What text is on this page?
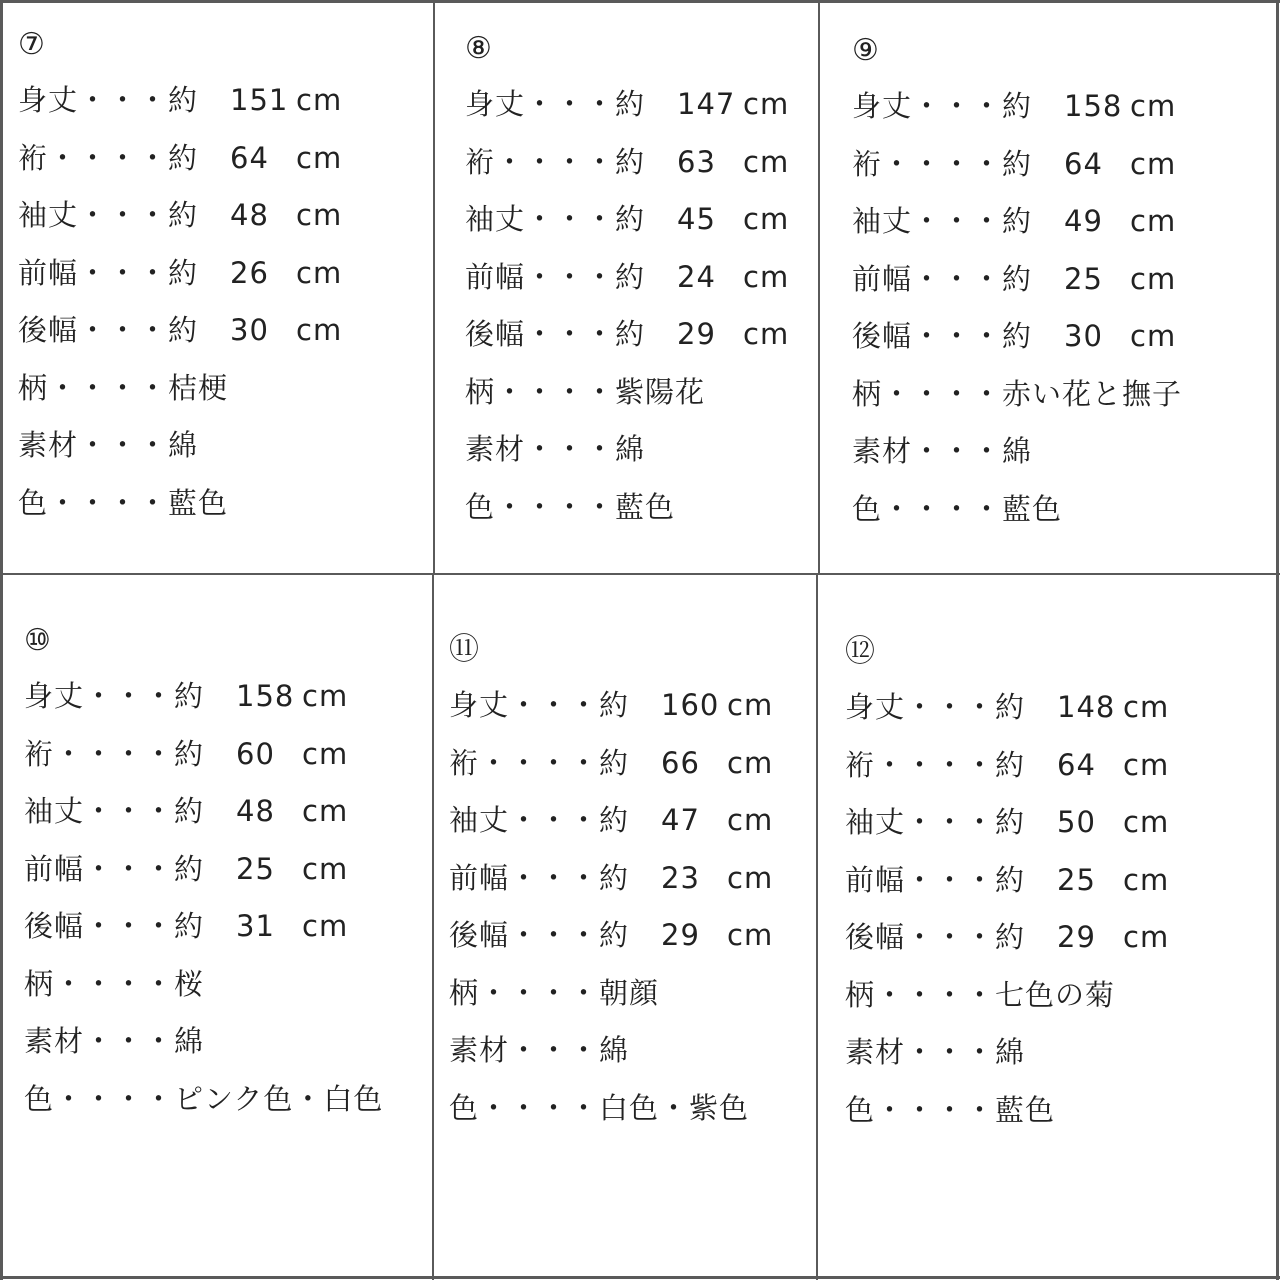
⑦
身丈・・・約 151 cm
裄・・・・約 64 cm
袖丈・・・約 48 cm
前幅・・・約 26 cm
後幅・・・約 30 cm
柄・・・・桔梗
素材・・・綿
色・・・・藍色
⑧
身丈・・・約 147 cm
裄・・・・約 63 cm
袖丈・・・約 45 cm
前幅・・・約 24 cm
後幅・・・約 29 cm
柄・・・・紫陽花
素材・・・綿
色・・・・藍色
⑨
身丈・・・約 158 cm
裄・・・・約 64 cm
袖丈・・・約 49 cm
前幅・・・約 25 cm
後幅・・・約 30 cm
柄・・・・赤い花と撫子
素材・・・綿
色・・・・藍色
⑩
身丈・・・約 158 cm
裄・・・・約 60 cm
袖丈・・・約 48 cm
前幅・・・約 25 cm
後幅・・・約 31 cm
柄・・・・桜
素材・・・綿
色・・・・ピンク色・白色
⑪
身丈・・・約 160 cm
裄・・・・約 66 cm
袖丈・・・約 47 cm
前幅・・・約 23 cm
後幅・・・約 29 cm
柄・・・・朝顔
素材・・・綿
色・・・・白色・紫色
⑫
身丈・・・約 148 cm
裄・・・・約 64 cm
袖丈・・・約 50 cm
前幅・・・約 25 cm
後幅・・・約 29 cm
柄・・・・七色の菊
素材・・・綿
色・・・・藍色
